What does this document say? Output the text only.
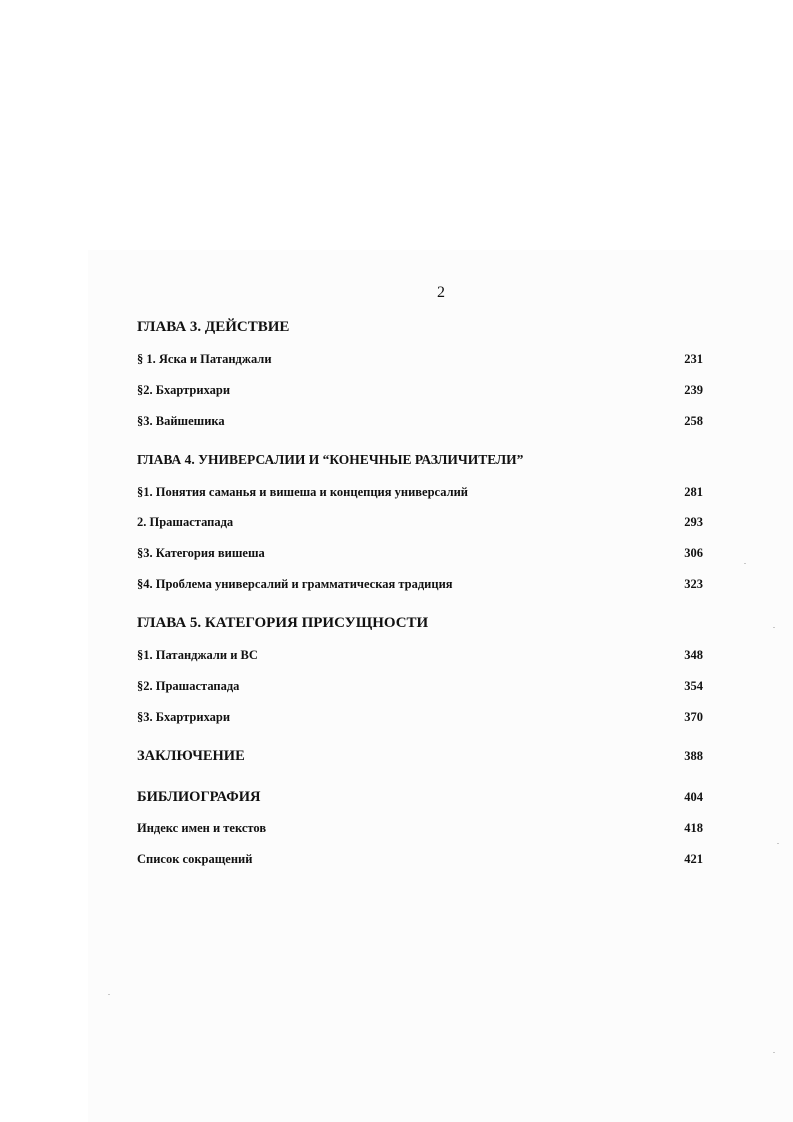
2
ГЛАВА 3. ДЕЙСТВИЕ
§ 1. Яска и Патанджали	231
§2. Бхартрихари	239
§3. Вайшешика	258
ГЛАВА 4. УНИВЕРСАЛИИ И “КОНЕЧНЫЕ РАЗЛИЧИТЕЛИ”
§1. Понятия саманья и вишеша и концепция универсалий	281
2. Прашастапада	293
§3. Категория вишеша	306
§4. Проблема универсалий и грамматическая традиция	323
ГЛАВА 5. КАТЕГОРИЯ ПРИСУЩНОСТИ
§1. Патанджали и ВС	348
§2. Прашастапада	354
§3. Бхартрихари	370
ЗАКЛЮЧЕНИЕ	388
БИБЛИОГРАФИЯ	404
Индекс имен и текстов	418
Список сокращений	421
